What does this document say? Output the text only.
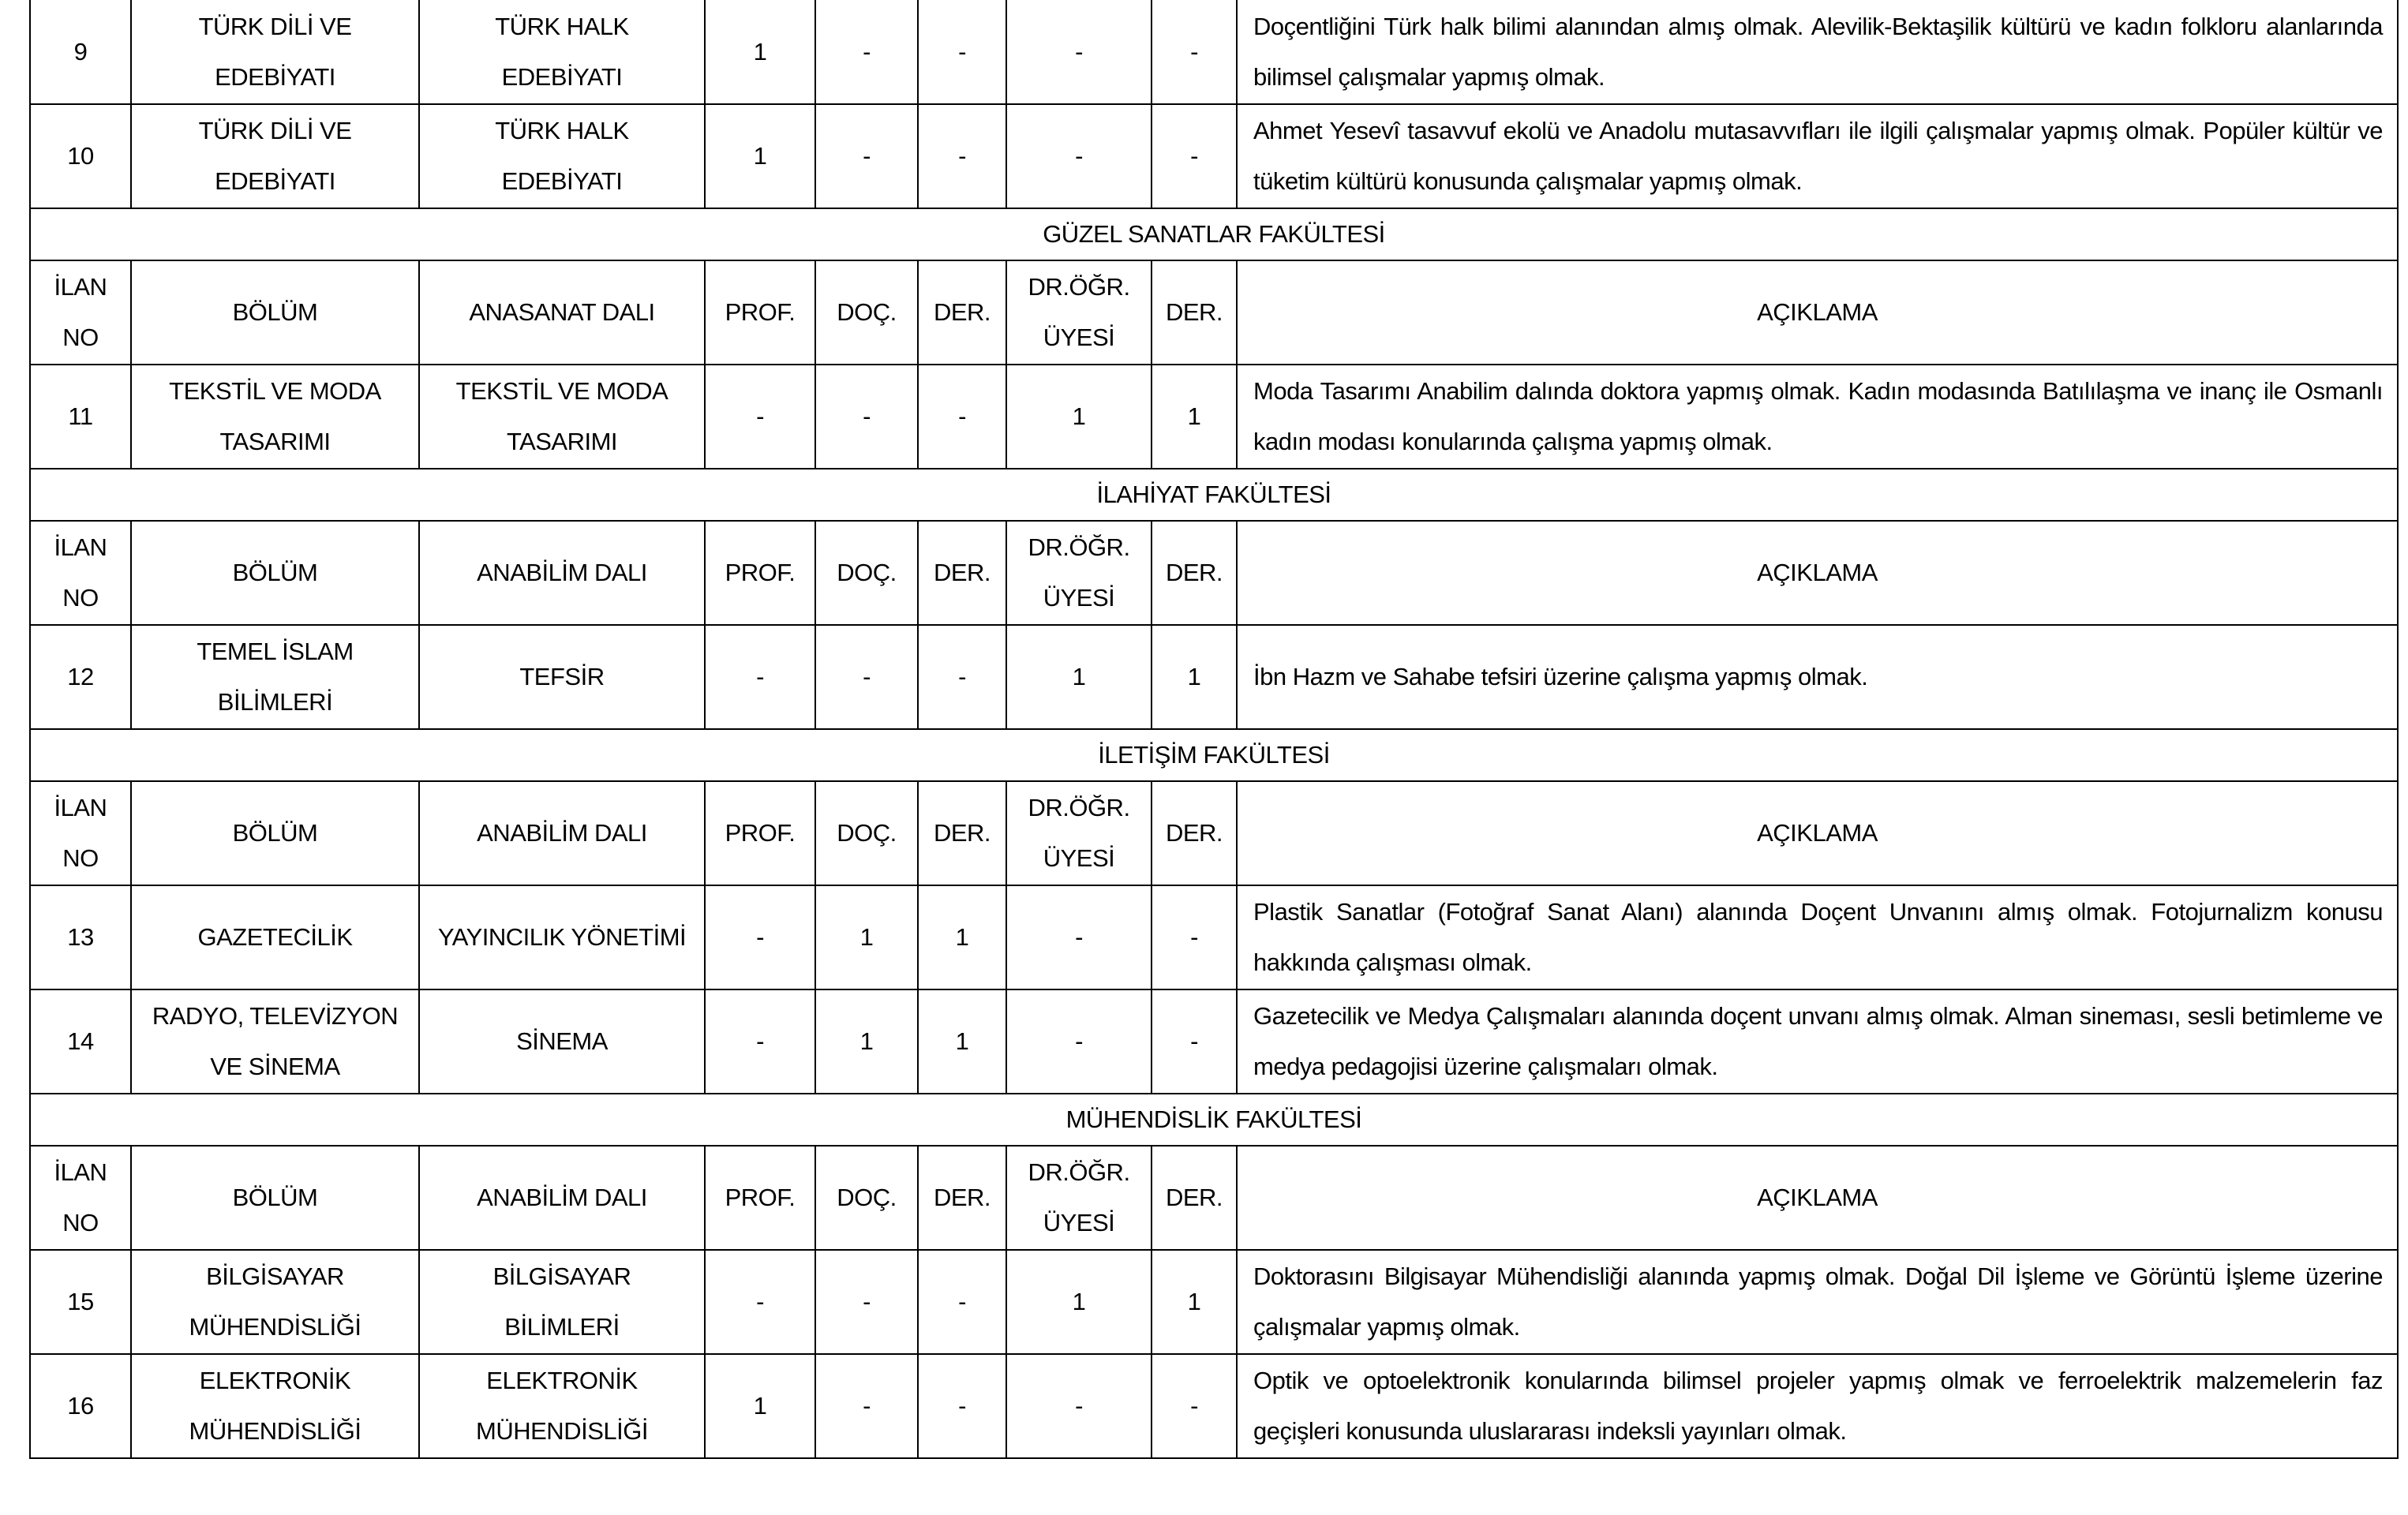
9	TÜRK DİLİ VE
EDEBİYATI	TÜRK HALK
EDEBİYATI	1	-	-	-	-	Doçentliğini Türk halk bilimi alanından almış olmak. Alevilik-Bektaşilik kültürü ve kadın folkloru alanlarında bilimsel çalışmalar yapmış olmak.
10	TÜRK DİLİ VE
EDEBİYATI	TÜRK HALK
EDEBİYATI	1	-	-	-	-	Ahmet Yesevî tasavvuf ekolü ve Anadolu mutasavvıfları ile ilgili çalışmalar yapmış olmak. Popüler kültür ve tüketim kültürü konusunda çalışmalar yapmış olmak.
GÜZEL SANATLAR FAKÜLTESİ								

İLAN
NO	BÖLÜM	ANASANAT DALI	PROF.	DOÇ.	DER.	DR.ÖĞR.
ÜYESİ	DER.	AÇIKLAMA
11	TEKSTİL VE MODA
TASARIMI	TEKSTİL VE MODA
TASARIMI	-	-	-	1	1	Moda Tasarımı Anabilim dalında doktora yapmış olmak. Kadın modasında Batılılaşma ve inanç ile Osmanlı kadın modası konularında çalışma yapmış olmak.
İLAHİYAT FAKÜLTESİ								

İLAN
NO	BÖLÜM	ANABİLİM DALI	PROF.	DOÇ.	DER.	DR.ÖĞR.
ÜYESİ	DER.	AÇIKLAMA
12	TEMEL İSLAM
BİLİMLERİ	TEFSİR	-	-	-	1	1	İbn Hazm ve Sahabe tefsiri üzerine çalışma yapmış olmak.
İLETİŞİM FAKÜLTESİ								

İLAN
NO	BÖLÜM	ANABİLİM DALI	PROF.	DOÇ.	DER.	DR.ÖĞR.
ÜYESİ	DER.	AÇIKLAMA
13	GAZETECİLİK	YAYINCILIK YÖNETİMİ	-	1	1	-	-	Plastik Sanatlar (Fotoğraf Sanat Alanı) alanında Doçent Unvanını almış olmak. Fotojurnalizm konusu hakkında çalışması olmak.
14	RADYO, TELEVİZYON
VE SİNEMA	SİNEMA	-	1	1	-	-	Gazetecilik ve Medya Çalışmaları alanında doçent unvanı almış olmak. Alman sineması, sesli betimleme ve medya pedagojisi üzerine çalışmaları olmak.
MÜHENDİSLİK FAKÜLTESİ								

İLAN
NO	BÖLÜM	ANABİLİM DALI	PROF.	DOÇ.	DER.	DR.ÖĞR.
ÜYESİ	DER.	AÇIKLAMA
15	BİLGİSAYAR
MÜHENDİSLİĞİ	BİLGİSAYAR
BİLİMLERİ	-	-	-	1	1	Doktorasını Bilgisayar Mühendisliği alanında yapmış olmak. Doğal Dil İşleme ve Görüntü İşleme üzerine çalışmalar yapmış olmak.
16	ELEKTRONİK
MÜHENDİSLİĞİ	ELEKTRONİK
MÜHENDİSLİĞİ	1	-	-	-	-	Optik ve optoelektronik konularında bilimsel projeler yapmış olmak ve ferroelektrik malzemelerin faz geçişleri konusunda uluslararası indeksli yayınları olmak.
